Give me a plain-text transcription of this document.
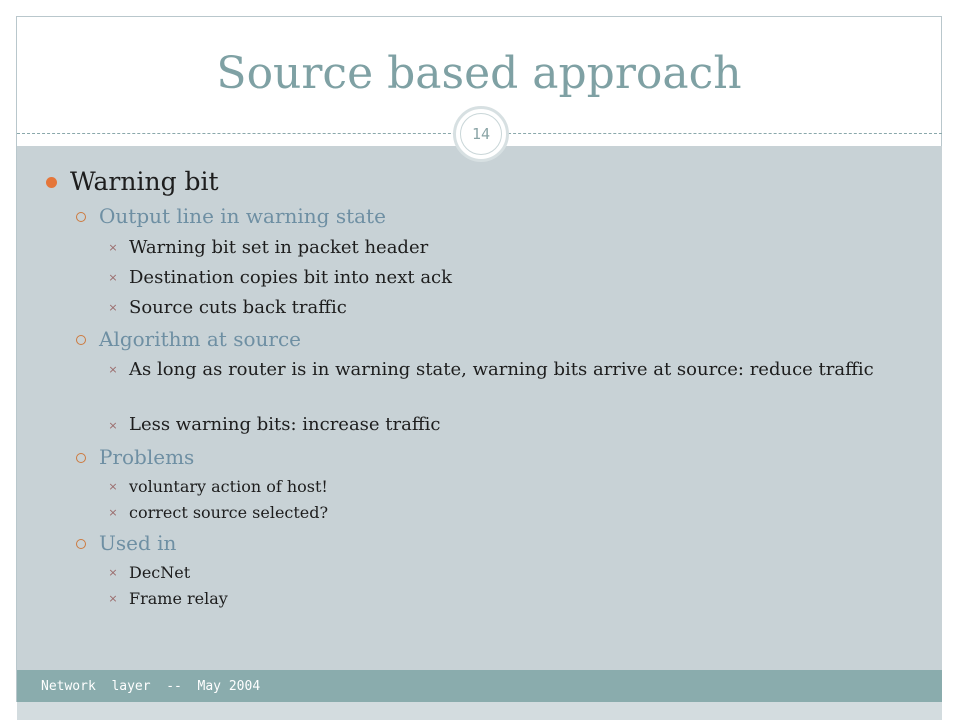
Source based approach
14
Warning bit
Output line in warning state
× Warning bit set in packet header
× Destination copies bit into next ack
× Source cuts back traffic
Algorithm at source
× As long as router is in warning state, warning bits arrive at source: reduce traffic
× Less warning bits: increase traffic
Problems
× voluntary action of host!
× correct source selected?
Used in
× DecNet
× Frame relay
Network  layer  --  May 2004
